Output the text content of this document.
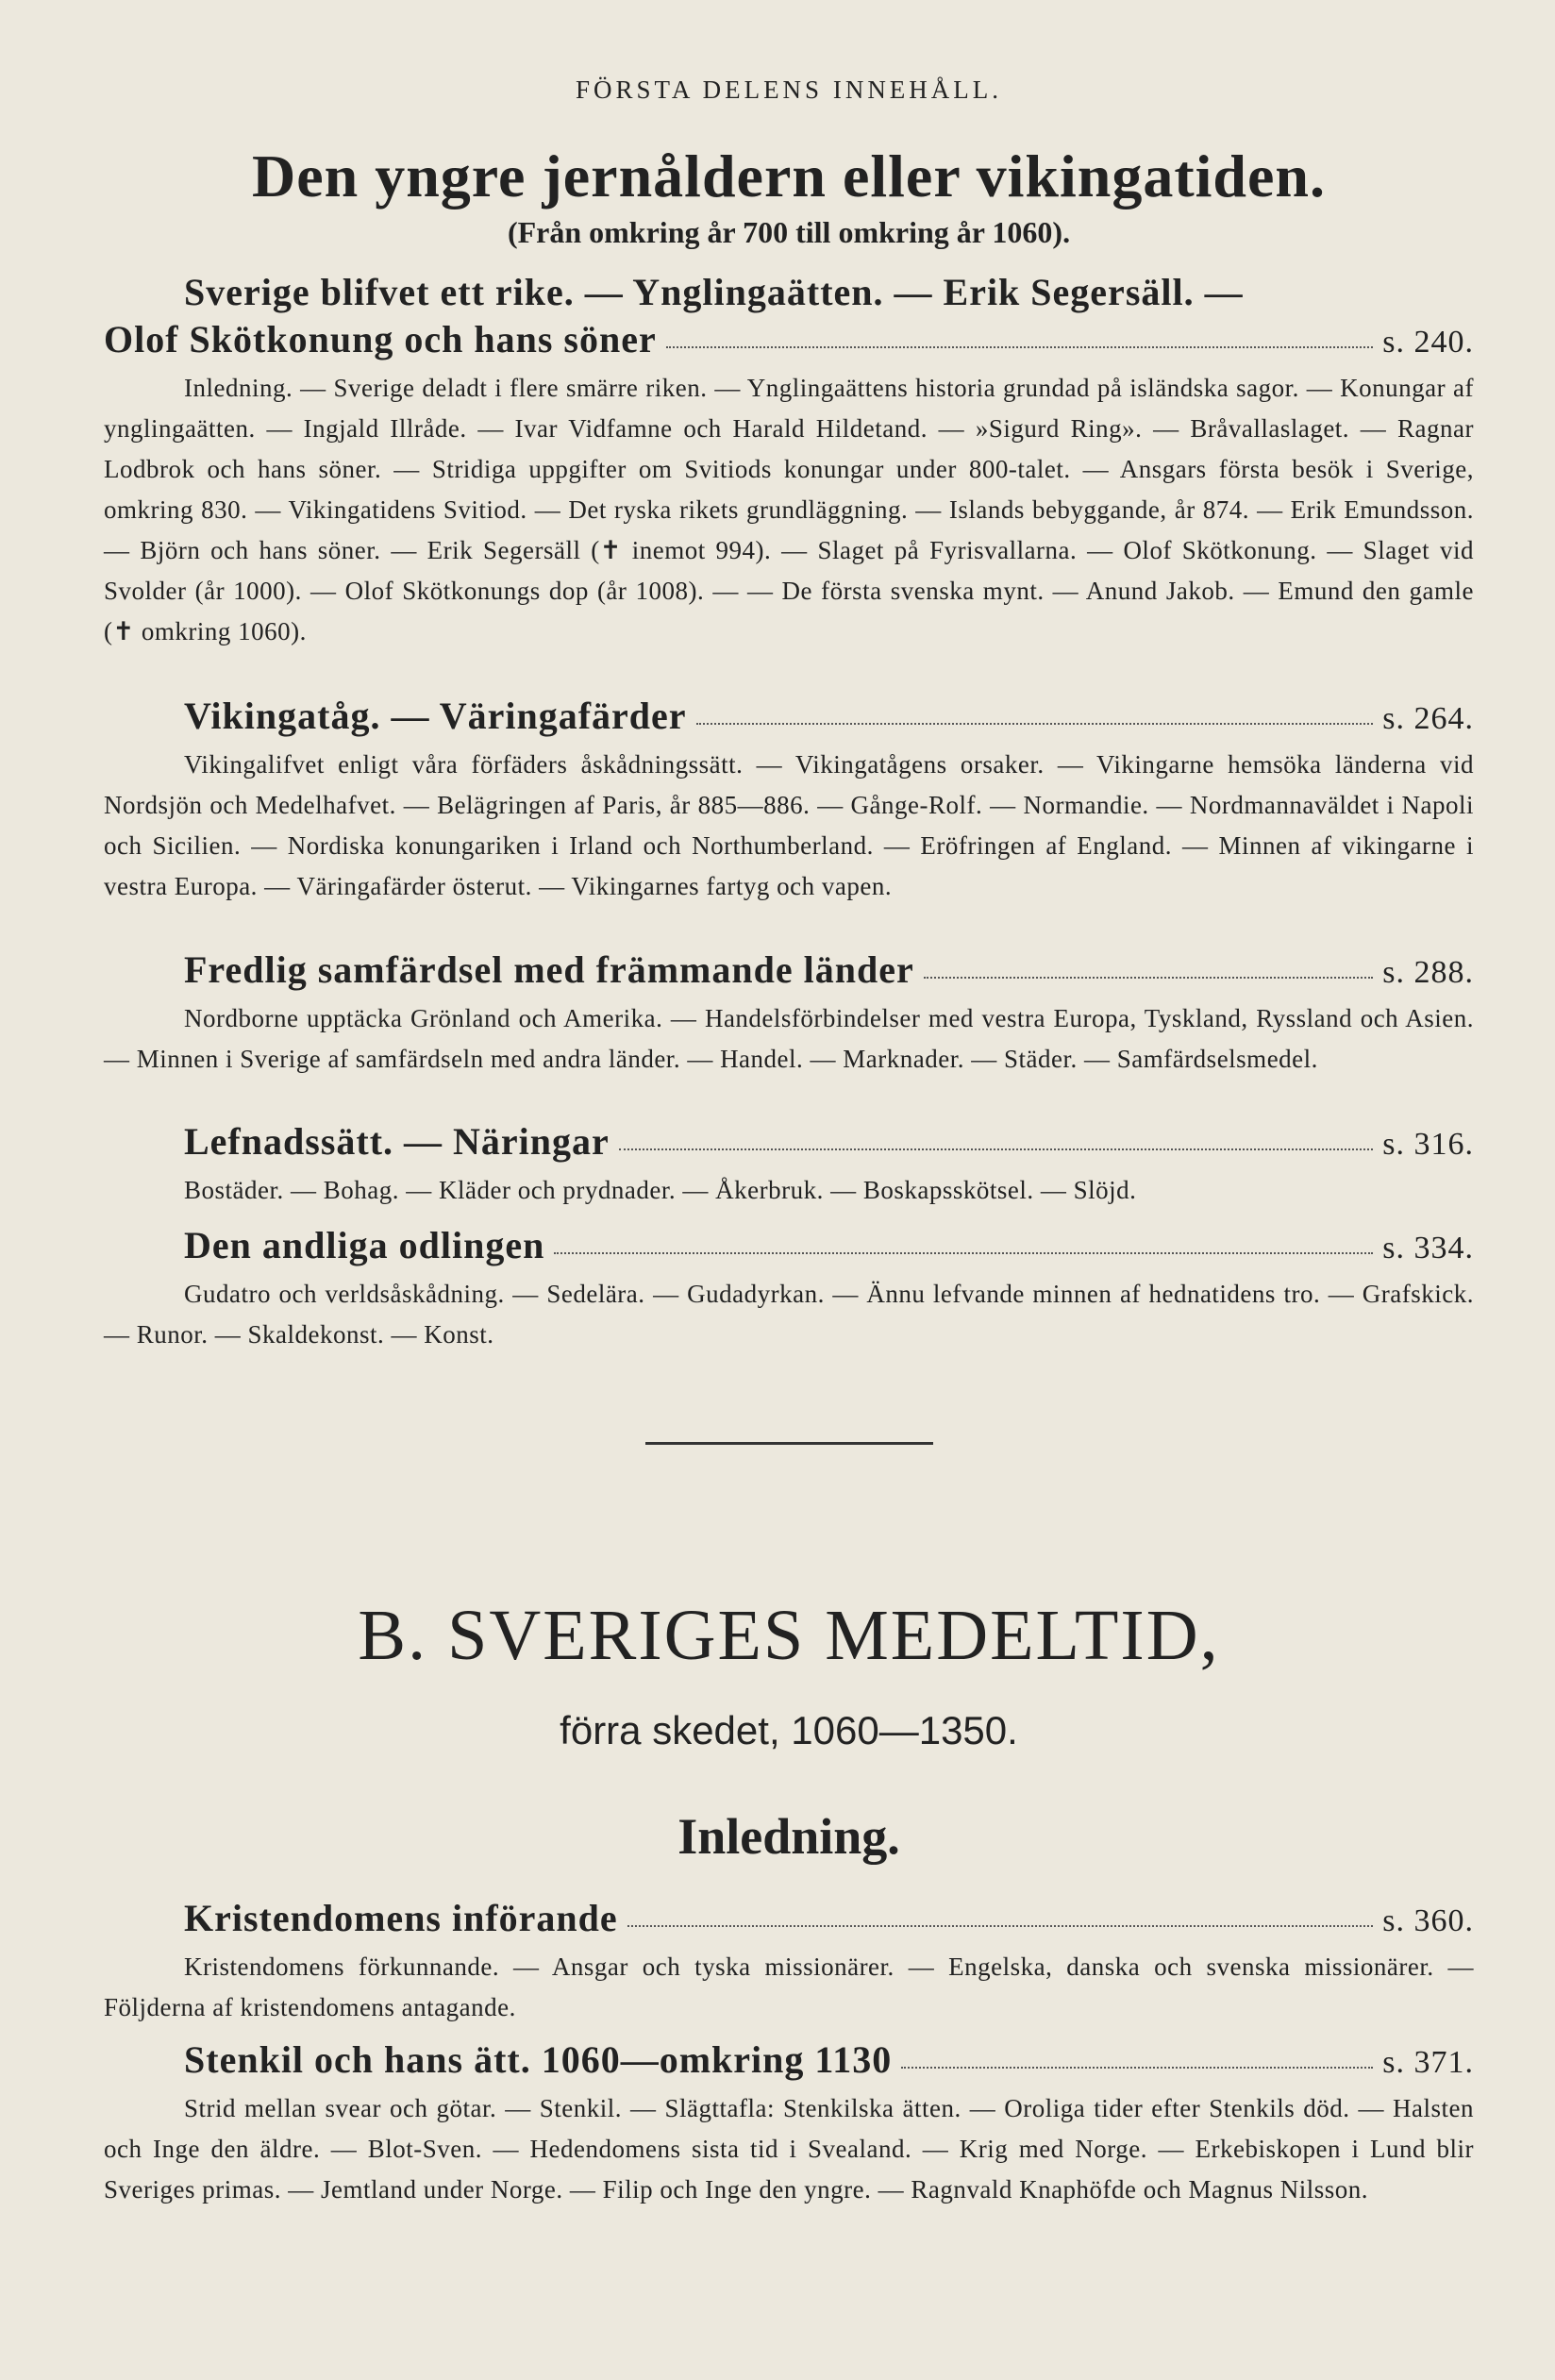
FÖRSTA DELENS INNEHÅLL.
Den yngre jernåldern eller vikingatiden.
(Från omkring år 700 till omkring år 1060).
Sverige blifvet ett rike. — Ynglingaätten. — Erik Segersäll. —
Olof Skötkonung och hans söner	s. 240.

Inledning. — Sverige deladt i flere smärre riken. — Ynglingaättens historia grundad på isländska sagor. — Konungar af ynglingaätten. — Ingjald Illråde. — Ivar Vidfamne och Harald Hildetand. — »Sigurd Ring». — Bråvallaslaget. — Ragnar Lodbrok och hans söner. — Stridiga uppgifter om Svitiods konungar under 800-talet. — Ansgars första besök i Sverige, omkring 830. — Vikingatidens Svitiod. — Det ryska rikets grundläggning. — Islands bebyggande, år 874. — Erik Emundsson. — Björn och hans söner. — Erik Segersäll (✝ inemot 994). — Slaget på Fyrisvallarna. — Olof Skötkonung. — Slaget vid Svolder (år 1000). — Olof Skötkonungs dop (år 1008). — — De första svenska mynt. — Anund Jakob. — Emund den gamle (✝ omkring 1060).

Vikingatåg. — Väringafärder	s. 264.

Vikingalifvet enligt våra förfäders åskådningssätt. — Vikingatågens orsaker. — Vikingarne hemsöka länderna vid Nordsjön och Medelhafvet. — Belägringen af Paris, år 885—886. — Gånge-Rolf. — Normandie. — Nordmannaväldet i Napoli och Sicilien. — Nordiska konungariken i Irland och Northumberland. — Eröfringen af England. — Minnen af vikingarne i vestra Europa. — Väringafärder österut. — Vikingarnes fartyg och vapen.

Fredlig samfärdsel med främmande länder	s. 288.

Nordborne upptäcka Grönland och Amerika. — Handelsförbindelser med vestra Europa, Tyskland, Ryssland och Asien. — Minnen i Sverige af samfärdseln med andra länder. — Handel. — Marknader. — Städer. — Samfärdselsmedel.

Lefnadssätt. — Näringar	s. 316.

Bostäder. — Bohag. — Kläder och prydnader. — Åkerbruk. — Boskapsskötsel. — Slöjd.

Den andliga odlingen	s. 334.

Gudatro och verldsåskådning. — Sedelära. — Gudadyrkan. — Ännu lefvande minnen af hednatidens tro. — Grafskick. — Runor. — Skaldekonst. — Konst.

B. SVERIGES MEDELTID,
förra skedet, 1060—1350.
Inledning.
Kristendomens införande	s. 360.

Kristendomens förkunnande. — Ansgar och tyska missionärer. — Engelska, danska och svenska missionärer. — Följderna af kristendomens antagande.

Stenkil och hans ätt. 1060—omkring 1130	s. 371.

Strid mellan svear och götar. — Stenkil. — Slägttafla: Stenkilska ätten. — Oroliga tider efter Stenkils död. — Halsten och Inge den äldre. — Blot-Sven. — Hedendomens sista tid i Svealand. — Krig med Norge. — Erkebiskopen i Lund blir Sveriges primas. — Jemtland under Norge. — Filip och Inge den yngre. — Ragnvald Knaphöfde och Magnus Nilsson.
